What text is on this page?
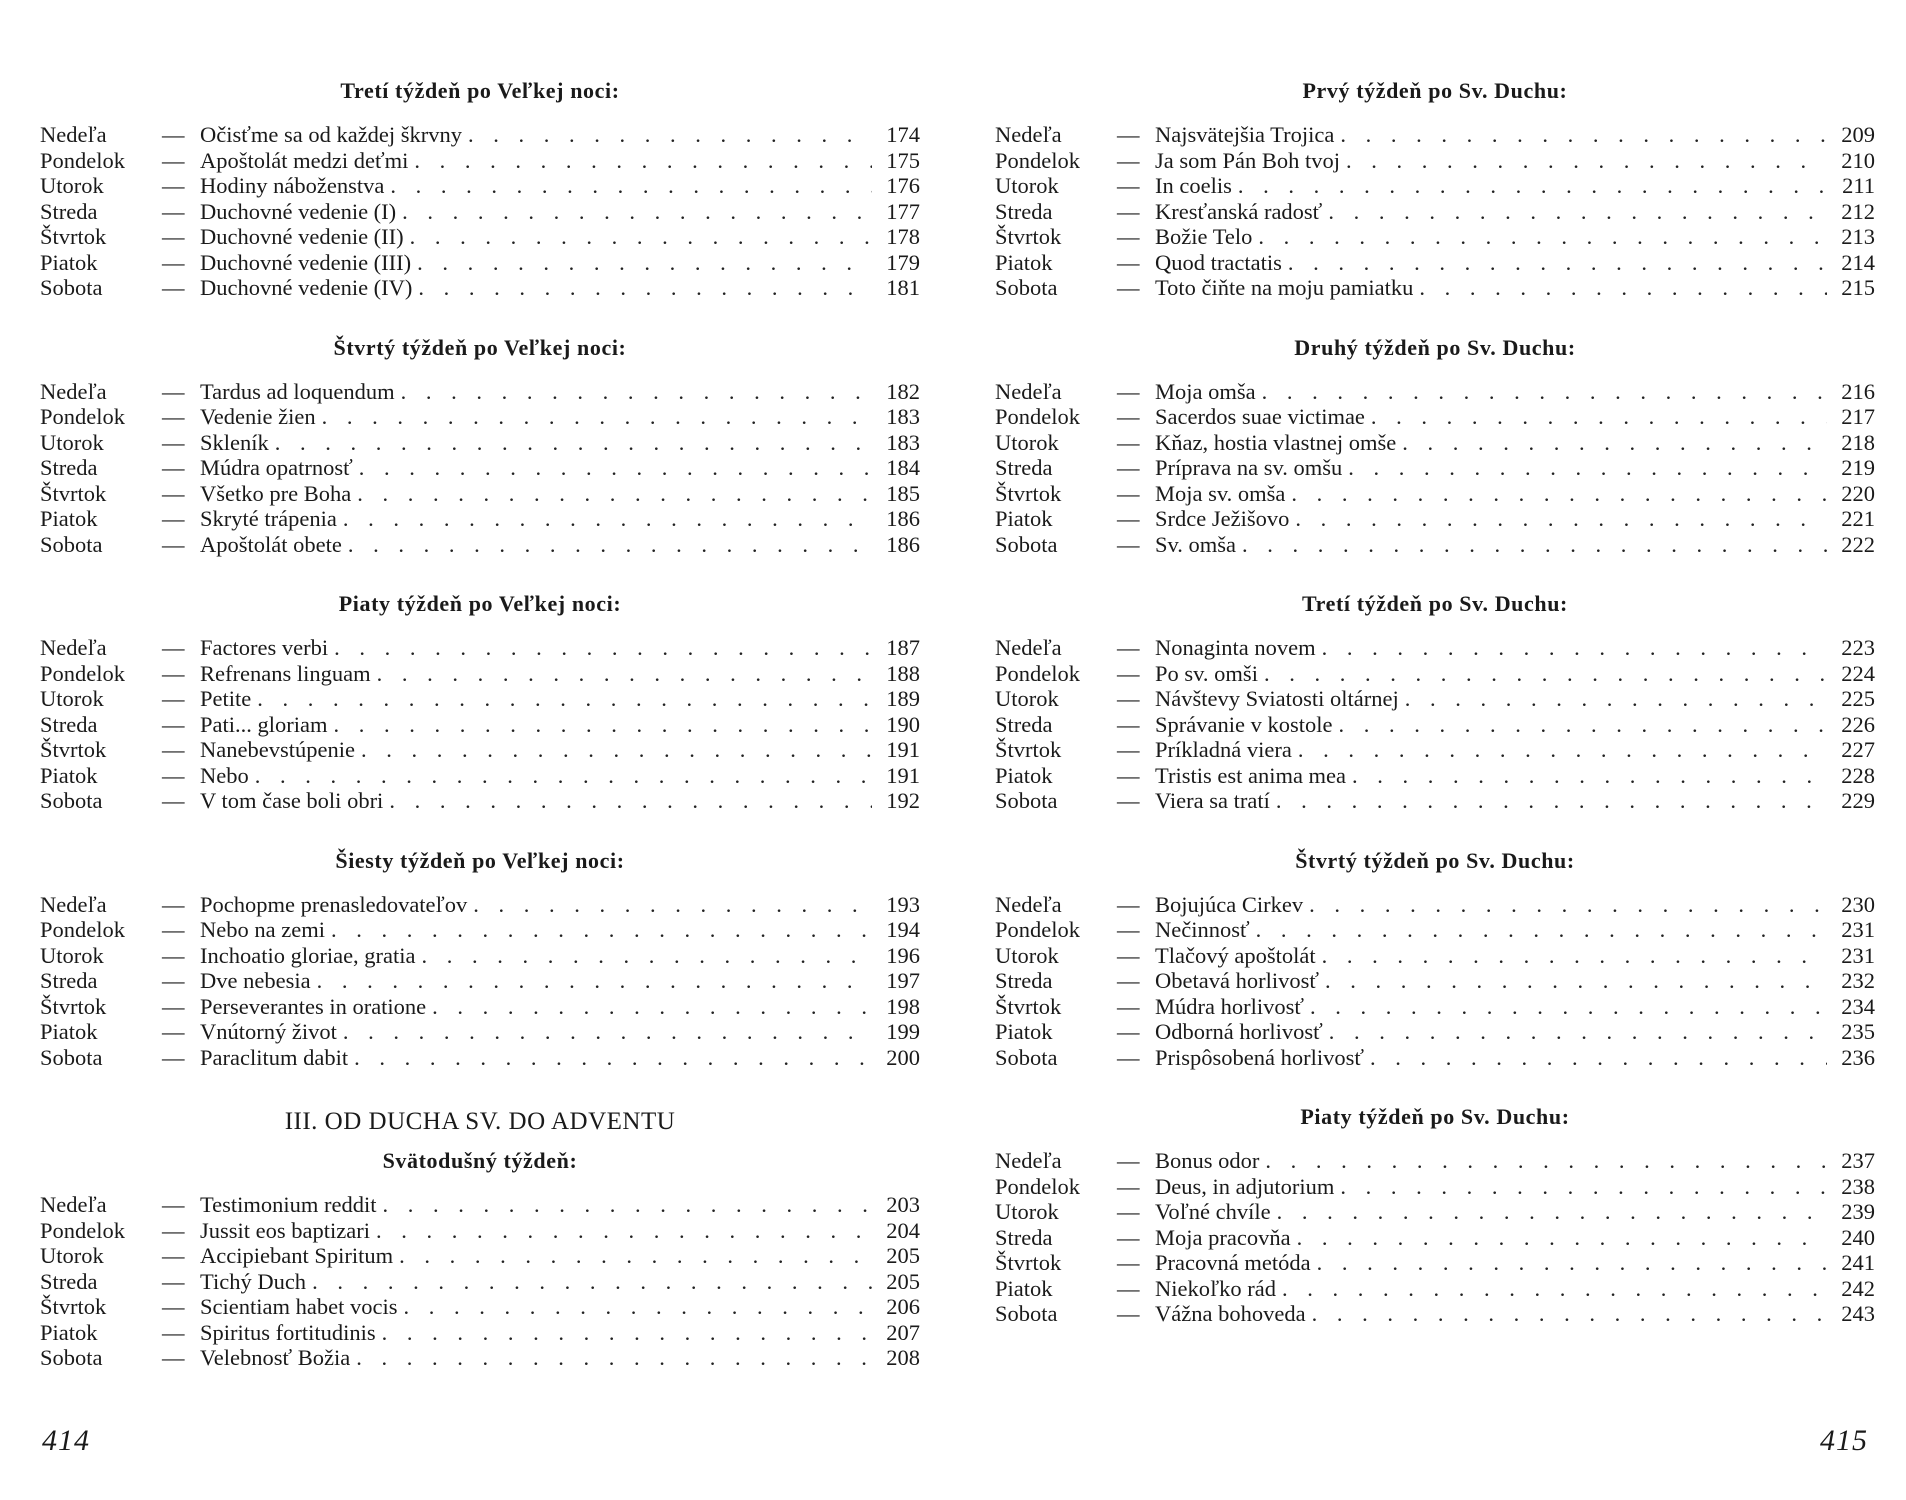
Tretí týždeň po Veľkej noci:
Nedeľa	— Očisťme sa od každej škrvny . . .	174
Pondelok	— Apoštolát medzi deťmi . . .	175
Utorok	— Hodiny náboženstva . . .	176
Streda	— Duchovné vedenie (I) . . .	177
Štvrtok	— Duchovné vedenie (II) . . .	178
Piatok	— Duchovné vedenie (III) . . .	179
Sobota	— Duchovné vedenie (IV) . . .	181
Štvrtý týždeň po Veľkej noci:
Nedeľa	— Tardus ad loquendum . . .	182
Pondelok	— Vedenie žien . . .	183
Utorok	— Skleník . . .	183
Streda	— Múdra opatrnosť . . .	184
Štvrtok	— Všetko pre Boha . . .	185
Piatok	— Skryté trápenia . . .	186
Sobota	— Apoštolát obete . . .	186
Piaty týždeň po Veľkej noci:
Nedeľa	— Factores verbi . . .	187
Pondelok	— Refrenans linguam . . .	188
Utorok	— Petite . . .	189
Streda	— Pati... gloriam . . .	190
Štvrtok	— Nanebevstúpenie . . .	191
Piatok	— Nebo . . .	191
Sobota	— V tom čase boli obri . . .	192
Šiesty týždeň po Veľkej noci:
Nedeľa	— Pochopme prenasledovateľov . . .	193
Pondelok	— Nebo na zemi . . .	194
Utorok	— Inchoatio gloriae, gratia . . .	196
Streda	— Dve nebesia . . .	197
Štvrtok	— Perseverantes in oratione . . .	198
Piatok	— Vnútorný život . . .	199
Sobota	— Paraclitum dabit . . .	200
III. OD DUCHA SV. DO ADVENTU
Svätodušný týždeň:
Nedeľa	— Testimonium reddit . . .	203
Pondelok	— Jussit eos baptizari . . .	204
Utorok	— Accipiebant Spiritum . . .	205
Streda	— Tichý Duch . . .	205
Štvrtok	— Scientiam habet vocis . . .	206
Piatok	— Spiritus fortitudinis . . .	207
Sobota	— Velebnosť Božia . . .	208
414
Prvý týždeň po Sv. Duchu:
Nedeľa	— Najsvätejšia Trojica . . .	209
Pondelok	— Ja som Pán Boh tvoj . . .	210
Utorok	— In coelis . . .	211
Streda	— Kresťanská radosť . . .	212
Štvrtok	— Božie Telo . . .	213
Piatok	— Quod tractatis . . .	214
Sobota	— Toto čiňte na moju pamiatku . . .	215
Druhý týždeň po Sv. Duchu:
Nedeľa	— Moja omša . . .	216
Pondelok	— Sacerdos suae victimae . . .	217
Utorok	— Kňaz, hostia vlastnej omše . . .	218
Streda	— Príprava na sv. omšu . . .	219
Štvrtok	— Moja sv. omša . . .	220
Piatok	— Srdce Ježišovo . . .	221
Sobota	— Sv. omša . . .	222
Tretí týždeň po Sv. Duchu:
Nedeľa	— Nonaginta novem . . .	223
Pondelok	— Po sv. omši . . .	224
Utorok	— Návštevy Sviatosti oltárnej . . .	225
Streda	— Správanie v kostole . . .	226
Štvrtok	— Príkladná viera . . .	227
Piatok	— Tristis est anima mea . . .	228
Sobota	— Viera sa tratí . . .	229
Štvrtý týždeň po Sv. Duchu:
Nedeľa	— Bojujúca Cirkev . . .	230
Pondelok	— Nečinnosť . . .	231
Utorok	— Tlačový apoštolát . . .	231
Streda	— Obetavá horlivosť . . .	232
Štvrtok	— Múdra horlivosť . . .	234
Piatok	— Odborná horlivosť . . .	235
Sobota	— Prispôsobená horlivosť . . .	236
Piaty týždeň po Sv. Duchu:
Nedeľa	— Bonus odor . . .	237
Pondelok	— Deus, in adjutorium . . .	238
Utorok	— Voľné chvíle . . .	239
Streda	— Moja pracovňa . . .	240
Štvrtok	— Pracovná metóda . . .	241
Piatok	— Niekoľko rád . . .	242
Sobota	— Vážna bohoveda . . .	243
415
